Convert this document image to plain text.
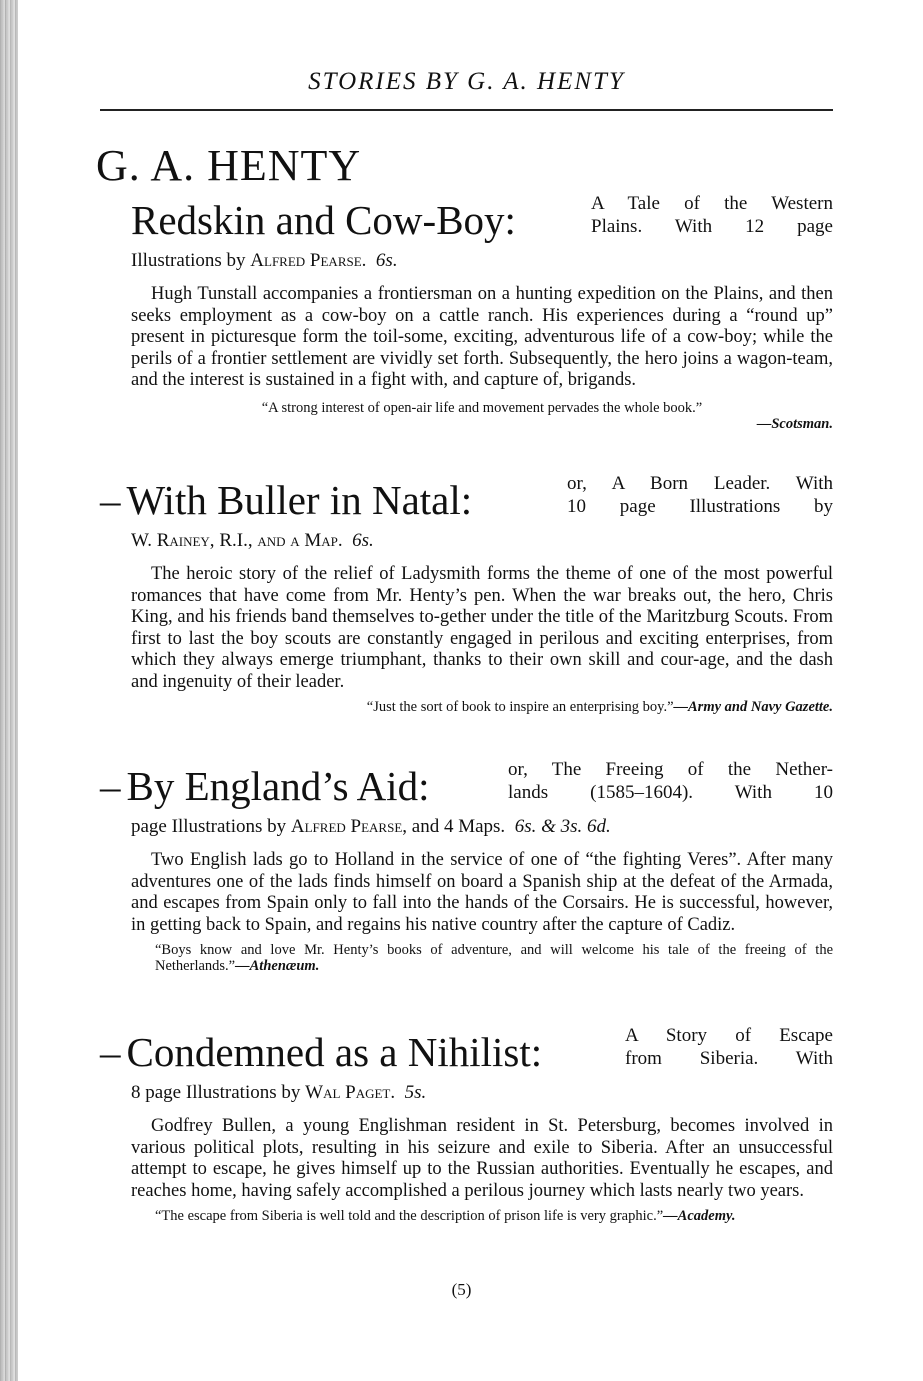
STORIES BY G. A. HENTY
G. A. HENTY
Redskin and Cow-Boy:	A Tale of the Western
Plains. With 12 page
Illustrations by Alfred Pearse. 6s.
Hugh Tunstall accompanies a frontiersman on a hunting expedition on the Plains, and then seeks employment as a cow-boy on a cattle ranch. His experiences during a “round up” present in picturesque form the toil-some, exciting, adventurous life of a cow-boy; while the perils of a frontier settlement are vividly set forth. Subsequently, the hero joins a wagon-team, and the interest is sustained in a fight with, and capture of, brigands.
“A strong interest of open-air life and movement pervades the whole book.”
—Scotsman.
– With Buller in Natal:	or, A Born Leader. With
10 page Illustrations by
W. Rainey, R.I., and a Map. 6s.
The heroic story of the relief of Ladysmith forms the theme of one of the most powerful romances that have come from Mr. Henty’s pen. When the war breaks out, the hero, Chris King, and his friends band themselves to-gether under the title of the Maritzburg Scouts. From first to last the boy scouts are constantly engaged in perilous and exciting enterprises, from which they always emerge triumphant, thanks to their own skill and cour-age, and the dash and ingenuity of their leader.
“Just the sort of book to inspire an enterprising boy.”—Army and Navy Gazette.
– By England’s Aid:	or, The Freeing of the Nether-
lands (1585–1604). With 10
page Illustrations by Alfred Pearse, and 4 Maps. 6s. & 3s. 6d.
Two English lads go to Holland in the service of one of “the fighting Veres”. After many adventures one of the lads finds himself on board a Spanish ship at the defeat of the Armada, and escapes from Spain only to fall into the hands of the Corsairs. He is successful, however, in getting back to Spain, and regains his native country after the capture of Cadiz.
“Boys know and love Mr. Henty’s books of adventure, and will welcome his tale of the freeing of the Netherlands.”—Athenæum.
– Condemned as a Nihilist:	A Story of Escape
from Siberia. With
8 page Illustrations by Wal Paget. 5s.
Godfrey Bullen, a young Englishman resident in St. Petersburg, becomes involved in various political plots, resulting in his seizure and exile to Siberia. After an unsuccessful attempt to escape, he gives himself up to the Russian authorities. Eventually he escapes, and reaches home, having safely accomplished a perilous journey which lasts nearly two years.
“The escape from Siberia is well told and the description of prison life is very graphic.”—Academy.
(5)
